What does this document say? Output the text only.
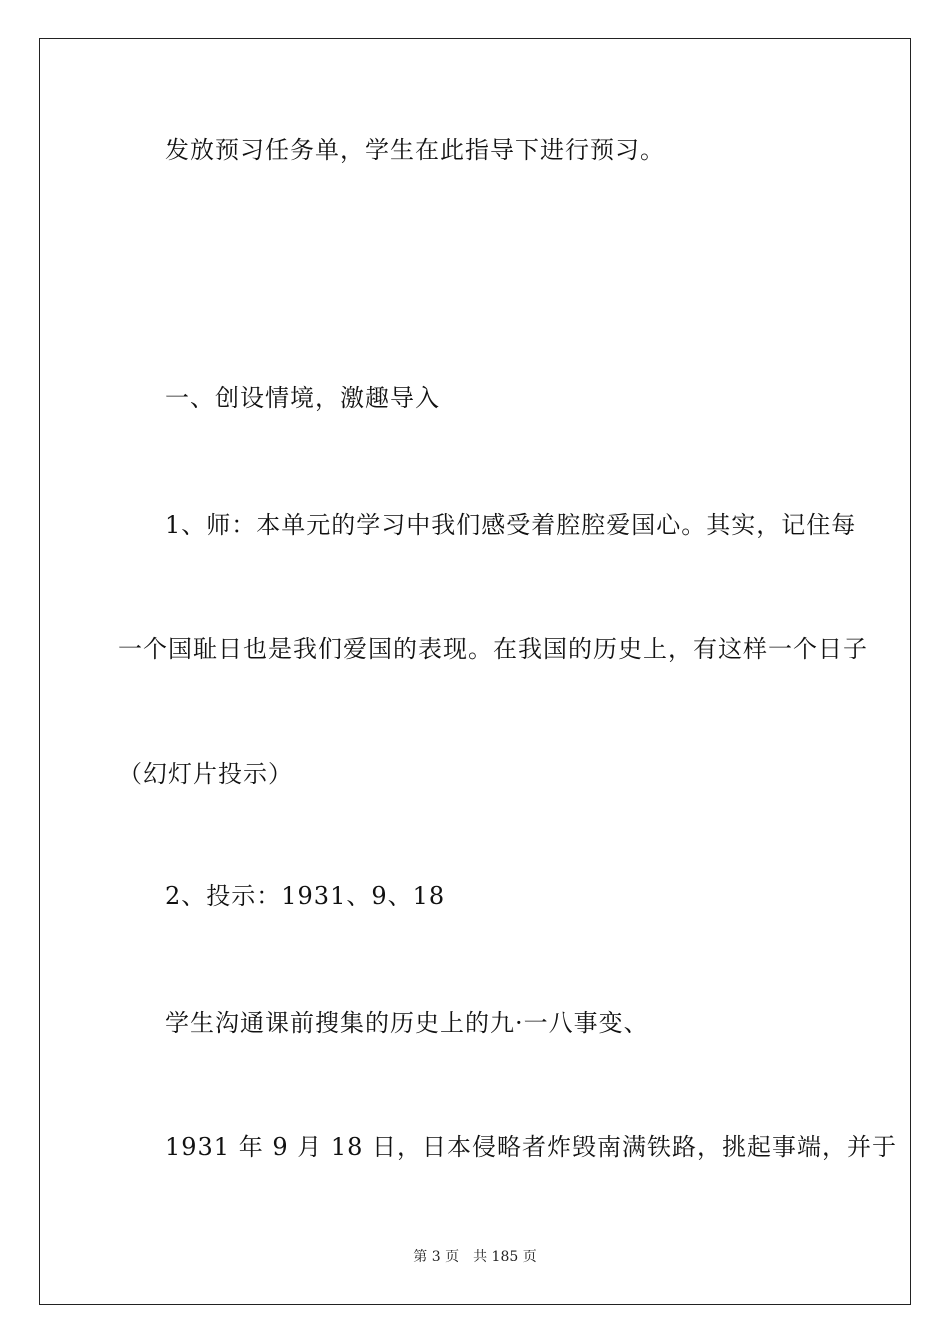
发放预习任务单，学生在此指导下进行预习。
一、创设情境，激趣导入
1、师：本单元的学习中我们感受着腔腔爱国心。其实，记住每
一个国耻日也是我们爱国的表现。在我国的历史上，有这样一个日子
（幻灯片投示）
2、投示：1931、9、18
学生沟通课前搜集的历史上的九·一八事变、
1931 年 9 月 18 日，日本侵略者炸毁南满铁路，挑起事端，并于
第 3 页 共 185 页
